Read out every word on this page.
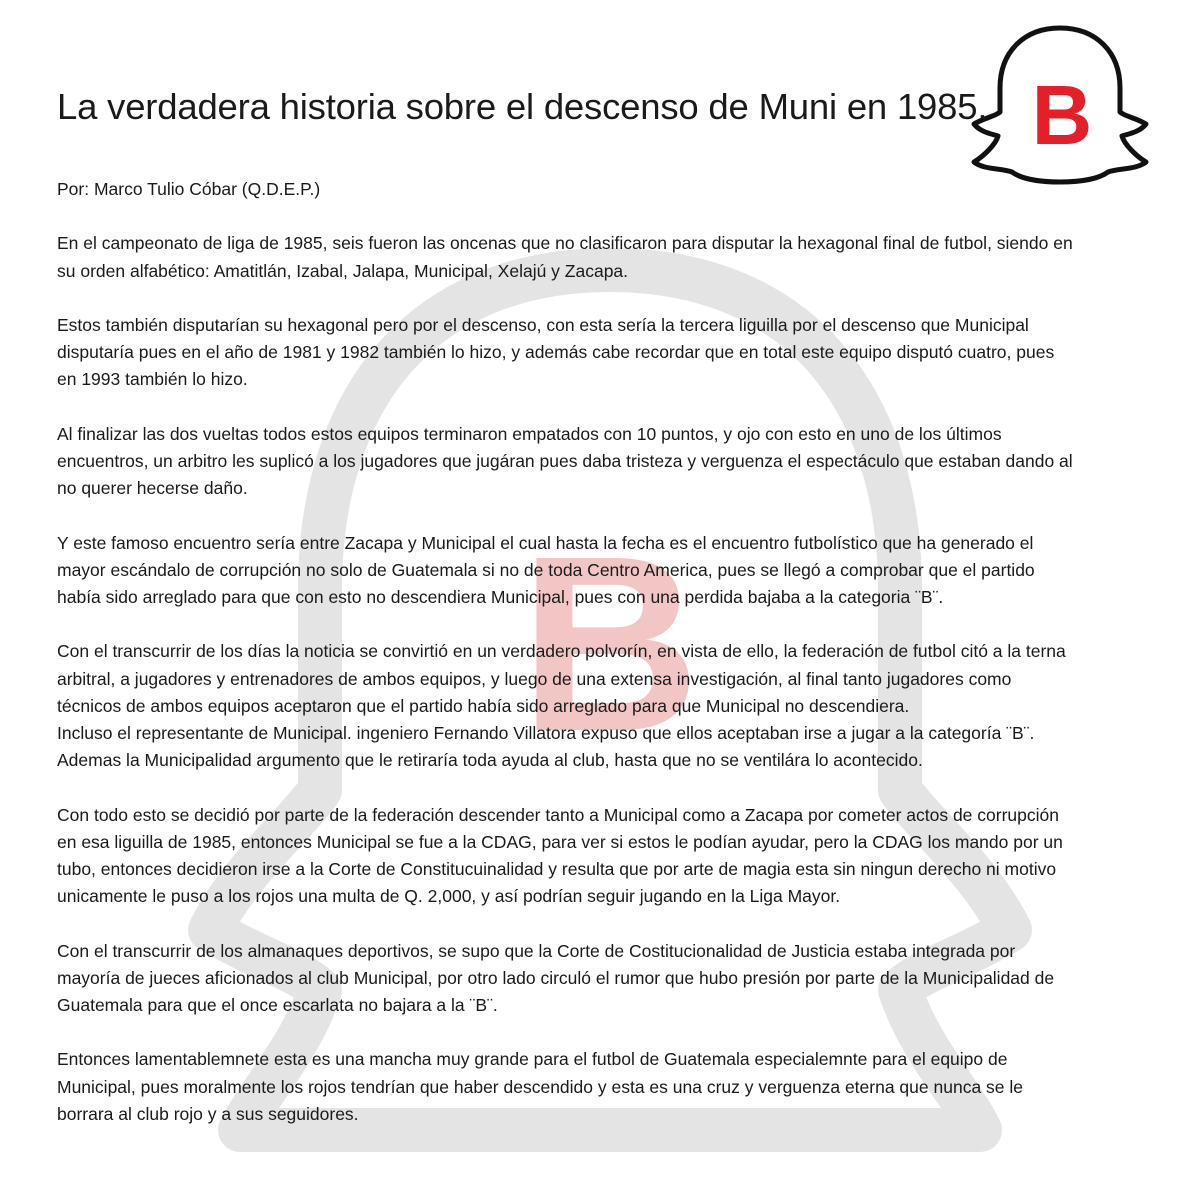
B
B
La verdadera historia sobre el descenso de Muni en 1985.

Por: Marco Tulio Cóbar (Q.D.E.P.)

En el campeonato de liga de 1985, seis fueron las oncenas que no clasificaron para disputar la hexagonal final de futbol, siendo en
su orden alfabético: Amatitlán, Izabal, Jalapa, Municipal, Xelajú y Zacapa.

Estos también disputarían su hexagonal pero por el descenso, con esta sería la tercera liguilla por el descenso que Municipal
disputaría pues en el año de 1981 y 1982 también lo hizo, y además cabe recordar que en total este equipo disputó cuatro, pues
en 1993 también lo hizo.

Al finalizar las dos vueltas todos estos equipos terminaron empatados con 10 puntos, y ojo con esto en uno de los últimos
encuentros, un arbitro les suplicó a los jugadores que jugáran pues daba tristeza y verguenza el espectáculo que estaban dando al
no querer hecerse daño.

Y este famoso encuentro sería entre Zacapa y Municipal el cual hasta la fecha es el encuentro futbolístico que ha generado el
mayor escándalo de corrupción no solo de Guatemala si no de toda Centro America, pues se llegó a comprobar que el partido
había sido arreglado para que con esto no descendiera Municipal, pues con una perdida bajaba a la categoria ¨B¨.

Con el transcurrir de los días la noticia se convirtió en un verdadero polvorín, en vista de ello, la federación de futbol citó a la terna
arbitral, a jugadores y entrenadores de ambos equipos, y luego de una extensa investigación, al final tanto jugadores como
técnicos de ambos equipos aceptaron que el partido había sido arreglado para que Municipal no descendiera.
Incluso el representante de Municipal. ingeniero Fernando Villatora expuso que ellos aceptaban irse a jugar a la categoría ¨B¨.
Ademas la Municipalidad argumento que le retiraría toda ayuda al club, hasta que no se ventilára lo acontecido.

Con todo esto se decidió por parte de la federación descender tanto a Municipal como a Zacapa por cometer actos de corrupción
en esa liguilla de 1985, entonces Municipal se fue a la CDAG, para ver si estos le podían ayudar, pero la CDAG los mando por un
tubo, entonces decidieron irse a la Corte de Constitucuinalidad y resulta que por arte de magia esta sin ningun derecho ni motivo
unicamente le puso a los rojos una multa de Q. 2,000, y así podrían seguir jugando en la Liga Mayor.

Con el transcurrir de los almanaques deportivos, se supo que la Corte de Costitucionalidad de Justicia estaba integrada por
mayoría de jueces aficionados al club Municipal, por otro lado circuló el rumor que hubo presión por parte de la Municipalidad de
Guatemala para que el once escarlata no bajara a la ¨B¨.

Entonces lamentablemnete esta es una mancha muy grande para el futbol de Guatemala especialemnte para el equipo de
Municipal, pues moralmente los rojos tendrían que haber descendido y esta es una cruz y verguenza eterna que nunca se le
borrara al club rojo y a sus seguidores.
